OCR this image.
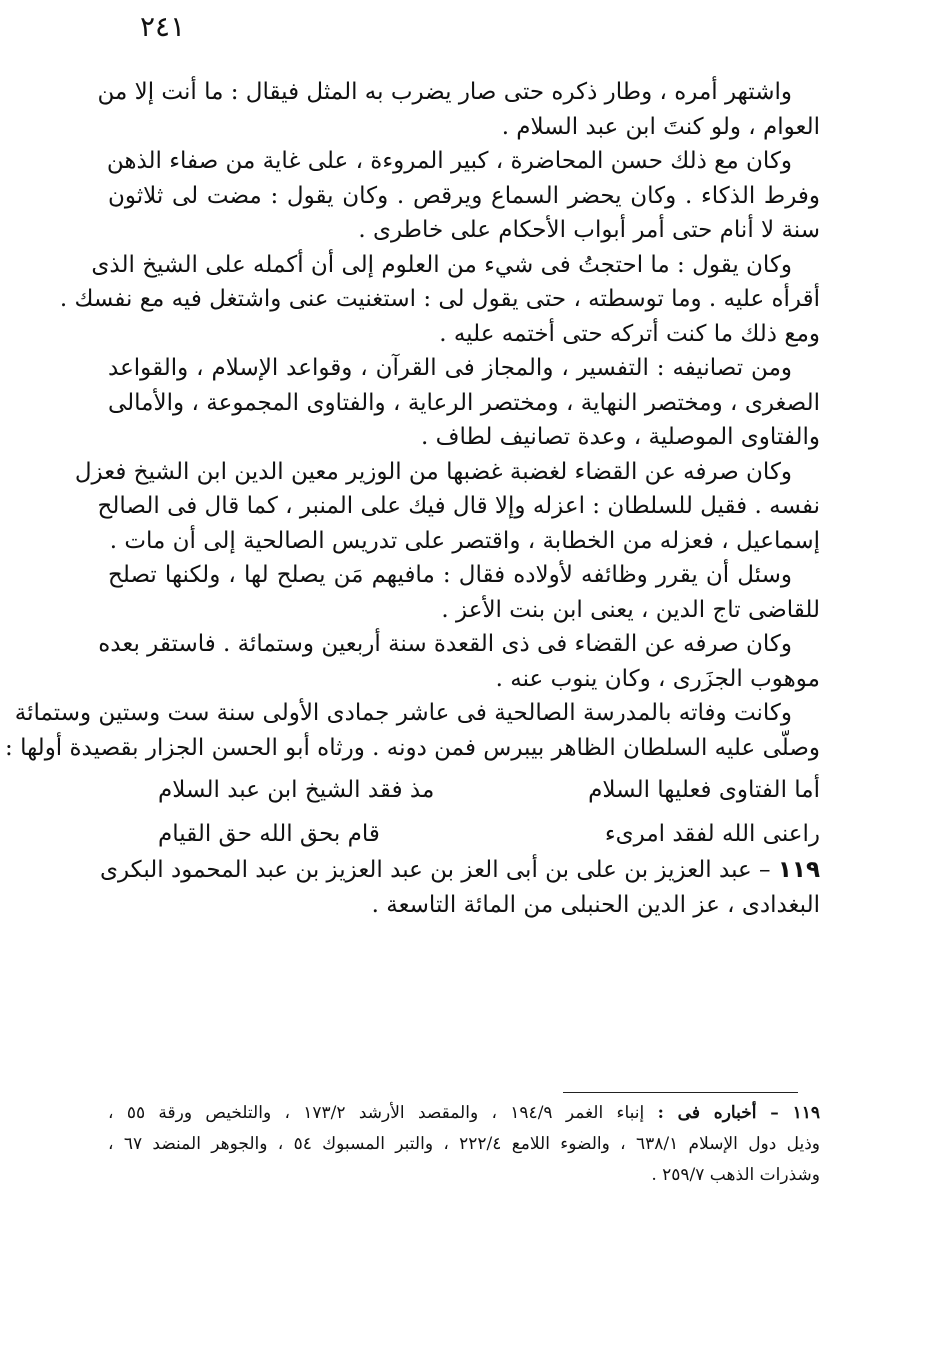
٢٤١
واشتهر أمره ، وطار ذكره حتى صار يضرب به المثل فيقال : ما أنت إلا من
العوام ، ولو كنتَ ابن عبد السلام .
وكان مع ذلك حسن المحاضرة ، كبير المروءة ، على غاية من صفاء الذهن
وفرط الذكاء . وكان يحضر السماع ويرقص . وكان يقول : مضت لى ثلاثون
سنة لا أنام حتى أمر أبواب الأحكام على خاطرى .
وكان يقول : ما احتجتُ فى شيء من العلوم إلى أن أكمله على الشيخ الذى
أقرأه عليه . وما توسطته ، حتى يقول لى : استغنيت عنى واشتغل فيه مع نفسك .
ومع ذلك ما كنت أتركه حتى أختمه عليه .
ومن تصانيفه : التفسير ، والمجاز فى القرآن ، وقواعد الإسلام ، والقواعد
الصغرى ، ومختصر النهاية ، ومختصر الرعاية ، والفتاوى المجموعة ، والأمالى
والفتاوى الموصلية ، وعدة تصانيف لطاف .
وكان صرفه عن القضاء لغضبة غضبها من الوزير معين الدين ابن الشيخ فعزل
نفسه . فقيل للسلطان : اعزله وإلا قال فيك على المنبر ، كما قال فى الصالح
إسماعيل ، فعزله من الخطابة ، واقتصر على تدريس الصالحية إلى أن مات .
وسئل أن يقرر وظائفه لأولاده فقال : مافيهم مَن يصلح لها ، ولكنها تصلح
للقاضى تاج الدين ، يعنى ابن بنت الأعز .
وكان صرفه عن القضاء فى ذى القعدة سنة أربعين وستمائة . فاستقر بعده
موهوب الجزَرى ، وكان ينوب عنه .
وكانت وفاته بالمدرسة الصالحية فى عاشر جمادى الأولى سنة ست وستين وستمائة
وصلّى عليه السلطان الظاهر بيبرس فمن دونه . ورثاه أبو الحسن الجزار بقصيدة أولها :
أما الفتاوى فعليها السلام
مذ فقد الشيخ ابن عبد السلام
راعنى الله لفقد امرىء
قام بحق الله حق القيام
١١٩ – عبد العزيز بن على بن أبى العز بن عبد العزيز بن عبد المحمود البكرى
البغدادى ، عز الدين الحنبلى من المائة التاسعة .
١١٩ – أخباره فى : إنباء الغمر ١٩٤/٩ ، والمقصد الأرشد ١٧٣/٢ ، والتلخيص ورقة ٥٥ ،
وذيل دول الإسلام ٦٣٨/١ ، والضوء اللامع ٢٢٢/٤ ، والتبر المسبوك ٥٤ ، والجوهر المنضد ٦٧ ،
وشذرات الذهب ٢٥٩/٧ .
